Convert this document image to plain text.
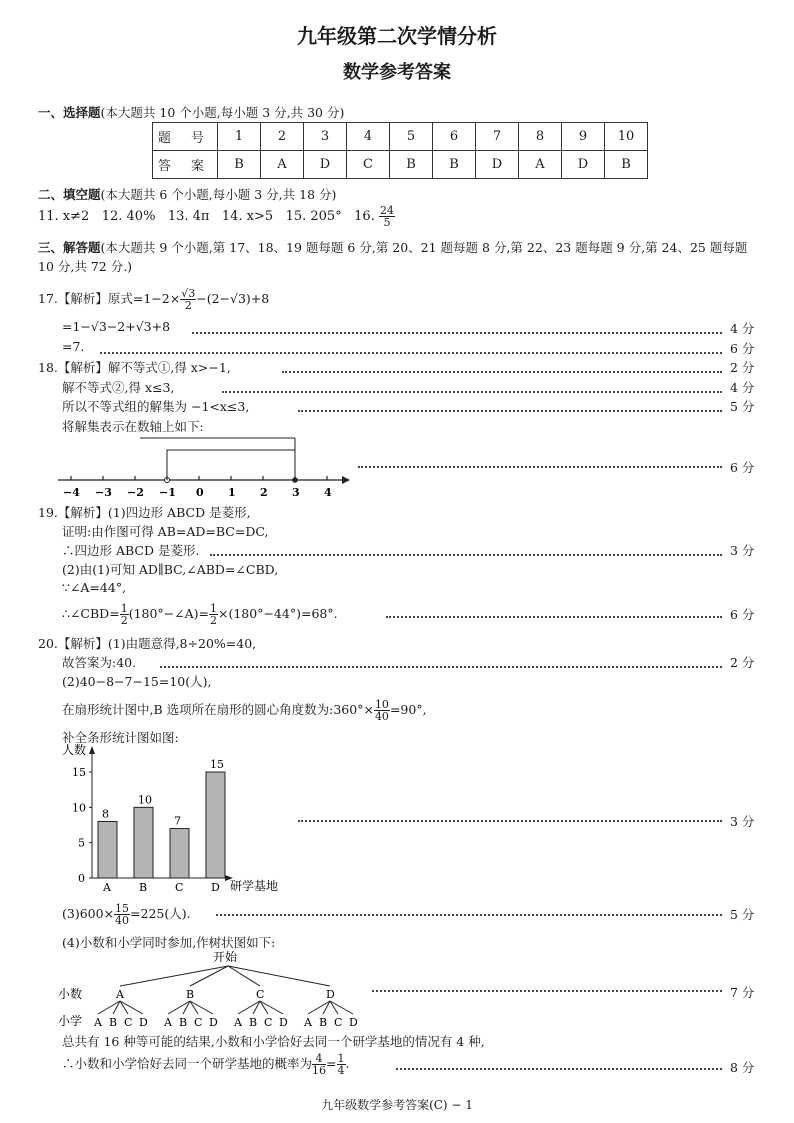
九年级第二次学情分析
数学参考答案
一、选择题(本大题共 10 个小题,每小题 3 分,共 30 分)
题 号	1	2	3	4	5	6	7	8	9	10
答 案	B	A	D	C	B	B	D	A	D	B
二、填空题(本大题共 6 个小题,每小题 3 分,共 18 分)
11. x≠2 12. 40% 13. 4π 14. x>5 15. 205° 16. $\frac{24}{5}$
三、解答题(本大题共 9 个小题,第 17、18、19 题每题 6 分,第 20、21 题每题 8 分,第 22、23 题每题 9 分,第 24、25 题每题
10 分,共 72 分.)
17.【解析】原式$=1-2\times \frac{√3}{2} -(2-√3)+8$
=1−√3−2+√3+8	4 分
=7.	6 分
18.【解析】解不等式①,得 x>−1,	2 分
解不等式②,得 x≤3,	4 分
所以不等式组的解集为 −1<x≤3,	5 分
将解集表示在数轴上如下:
−4 −3 −2 −1 0 1 2 3 4
6 分
19.【解析】(1)四边形 ABCD 是菱形,
证明:由作图可得 AB=AD=BC=DC,
∴四边形 ABCD 是菱形.	3 分
(2)由(1)可知 AD∥BC,∠ABD=∠CBD,
∵∠A=44°,
∴∠CBD= $\frac{1}{2}$ (180°−∠A)= $\frac{1}{2} \times(180^\circ-44^\circ)=68^\circ$.	6 分
20.【解析】(1)由题意得,8÷20%=40,
故答案为:40.	2 分
(2)40−8−7−15=10(人),
在扇形统计图中,B 选项所在扇形的圆心角度数为:360°× $\frac{10}{40} =90^\circ$,
补全条形统计图如图:
人数
研学基地
0
5
10
15
8
A
10
B
7
C
15
D
3 分
$(3)600\times \frac{15}{40} =225$(人).	5 分
(4)小数和小学同时参加,作树状图如下:
开始
小数
小学
A
A B C D
B
A B C D
C
A B C D
D
A B C D
7 分
总共有 16 种等可能的结果,小数和小学恰好去同一个研学基地的情况有 4 种,
∴小数和小学恰好去同一个研学基地的概率为 $\frac{4}{16} = \frac{1}{4}$ .	8 分
九年级数学参考答案(C) − 1
